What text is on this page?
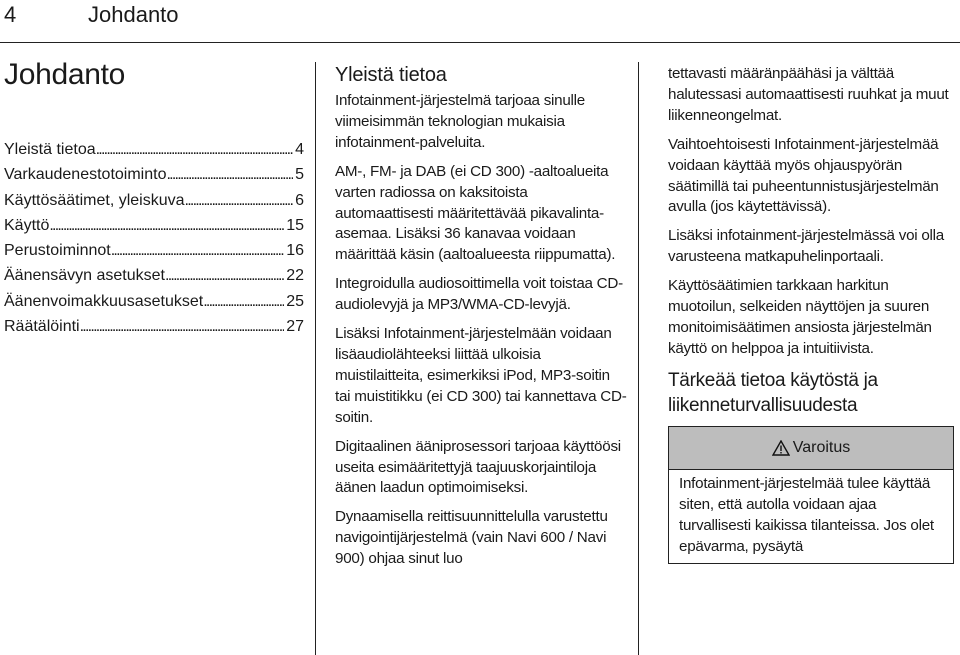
4	Johdanto
Johdanto
Yleistä tietoa . . .	4
Varkaudenestotoiminto . . .	5
Käyttösäätimet, yleiskuva . . .	6
Käyttö . . .	15
Perustoiminnot . . .	16
Äänensävyn asetukset . . .	22
Äänenvoimakkuusasetukset . . .	25
Räätälöinti . . .	27
Yleistä tietoa

Infotainment-järjestelmä tarjoaa sinulle viimeisimmän teknologian mukaisia infotainment-palveluita.

AM-, FM- ja DAB (ei CD 300) -aaltoalueita varten radiossa on kaksitoista automaattisesti määritettävää pikavalinta-asemaa. Lisäksi 36 kanavaa voidaan määrittää käsin (aaltoalueesta riippumatta).

Integroidulla audiosoittimella voit toistaa CD-audiolevyjä ja MP3/WMA-CD-levyjä.

Lisäksi Infotainment-järjestelmään voidaan lisäaudiolähteeksi liittää ulkoisia muistilaitteita, esimerkiksi iPod, MP3-soitin tai muistitikku (ei CD 300) tai kannettava CD-soitin.

Digitaalinen ääniprosessori tarjoaa käyttöösi useita esimääritettyjä taajuuskorjaintiloja äänen laadun optimoimiseksi.

Dynaamisella reittisuunnittelulla varustettu navigointijärjestelmä (vain Navi 600 / Navi 900) ohjaa sinut luo

tettavasti määränpäähäsi ja välttää halutessasi automaattisesti ruuhkat ja muut liikenneongelmat.

Vaihtoehtoisesti Infotainment-järjestelmää voidaan käyttää myös ohjauspyörän säätimillä tai puheentunnistusjärjestelmän avulla (jos käytettävissä).

Lisäksi infotainment-järjestelmässä voi olla varusteena matkapuhelinportaali.

Käyttösäätimien tarkkaan harkitun muotoilun, selkeiden näyttöjen ja suuren monitoimisäätimen ansiosta järjestelmän käyttö on helppoa ja intuitiivista.

Tärkeää tietoa käytöstä ja liikenneturvallisuudesta
Varoitus
Infotainment-järjestelmää tulee käyttää siten, että autolla voidaan ajaa turvallisesti kaikissa tilanteissa. Jos olet epävarma, pysäytä
